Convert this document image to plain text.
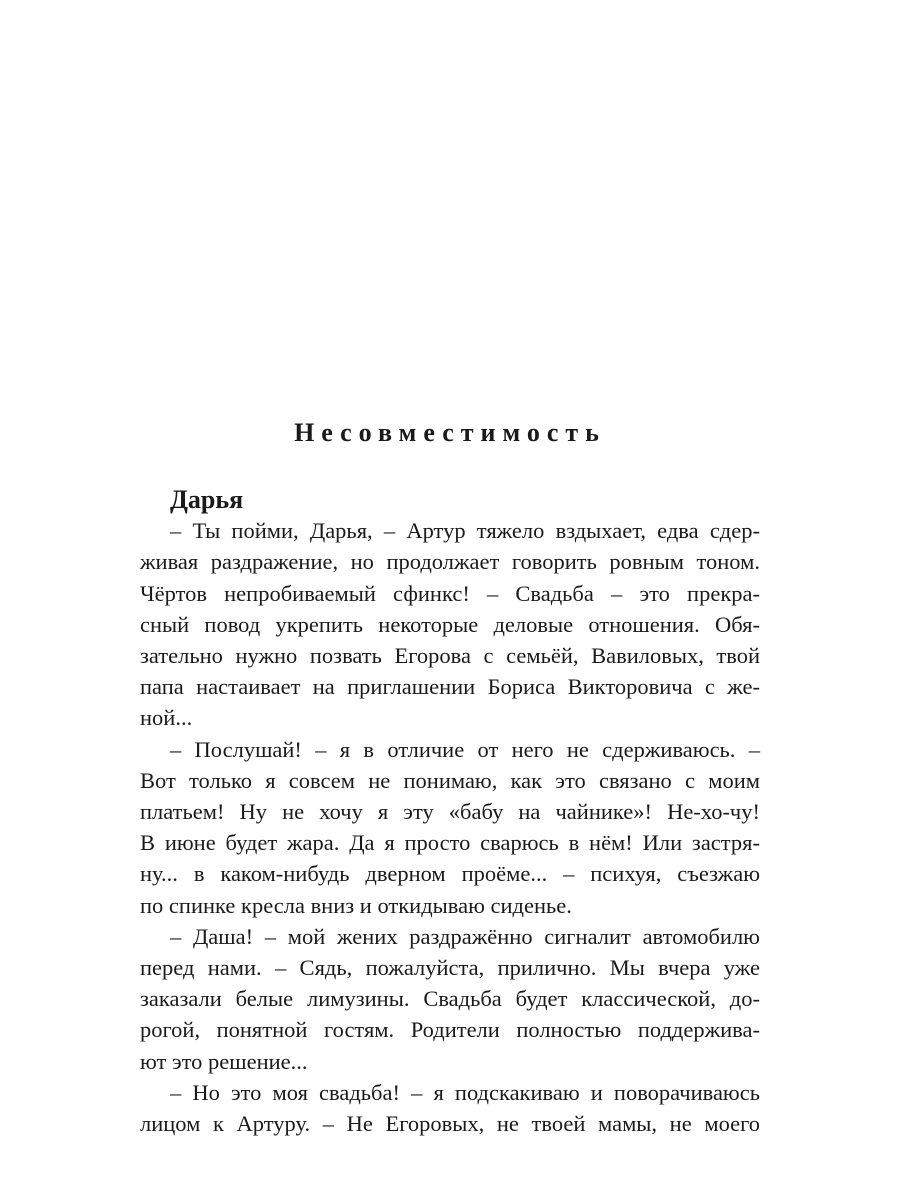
Несовместимость
Дарья
– Ты пойми, Дарья, – Артур тяжело вздыхает, едва сдер-
живая раздражение, но продолжает говорить ровным тоном.
Чёртов непробиваемый сфинкс! – Свадьба – это прекра-
сный повод укрепить некоторые деловые отношения. Обя-
зательно нужно позвать Егорова с семьёй, Вавиловых, твой
папа настаивает на приглашении Бориса Викторовича с же-
ной...
– Послушай! – я в отличие от него не сдерживаюсь. –
Вот только я совсем не понимаю, как это связано с моим
платьем! Ну не хочу я эту «бабу на чайнике»! Не-хо-чу!
В июне будет жара. Да я просто сварюсь в нём! Или застря-
ну... в каком-нибудь дверном проёме... – психуя, съезжаю
по спинке кресла вниз и откидываю сиденье.
– Даша! – мой жених раздражённо сигналит автомобилю
перед нами. – Сядь, пожалуйста, прилично. Мы вчера уже
заказали белые лимузины. Свадьба будет классической, до-
рогой, понятной гостям. Родители полностью поддержива-
ют это решение...
– Но это моя свадьба! – я подскакиваю и поворачиваюсь
лицом к Артуру. – Не Егоровых, не твоей мамы, не моего
